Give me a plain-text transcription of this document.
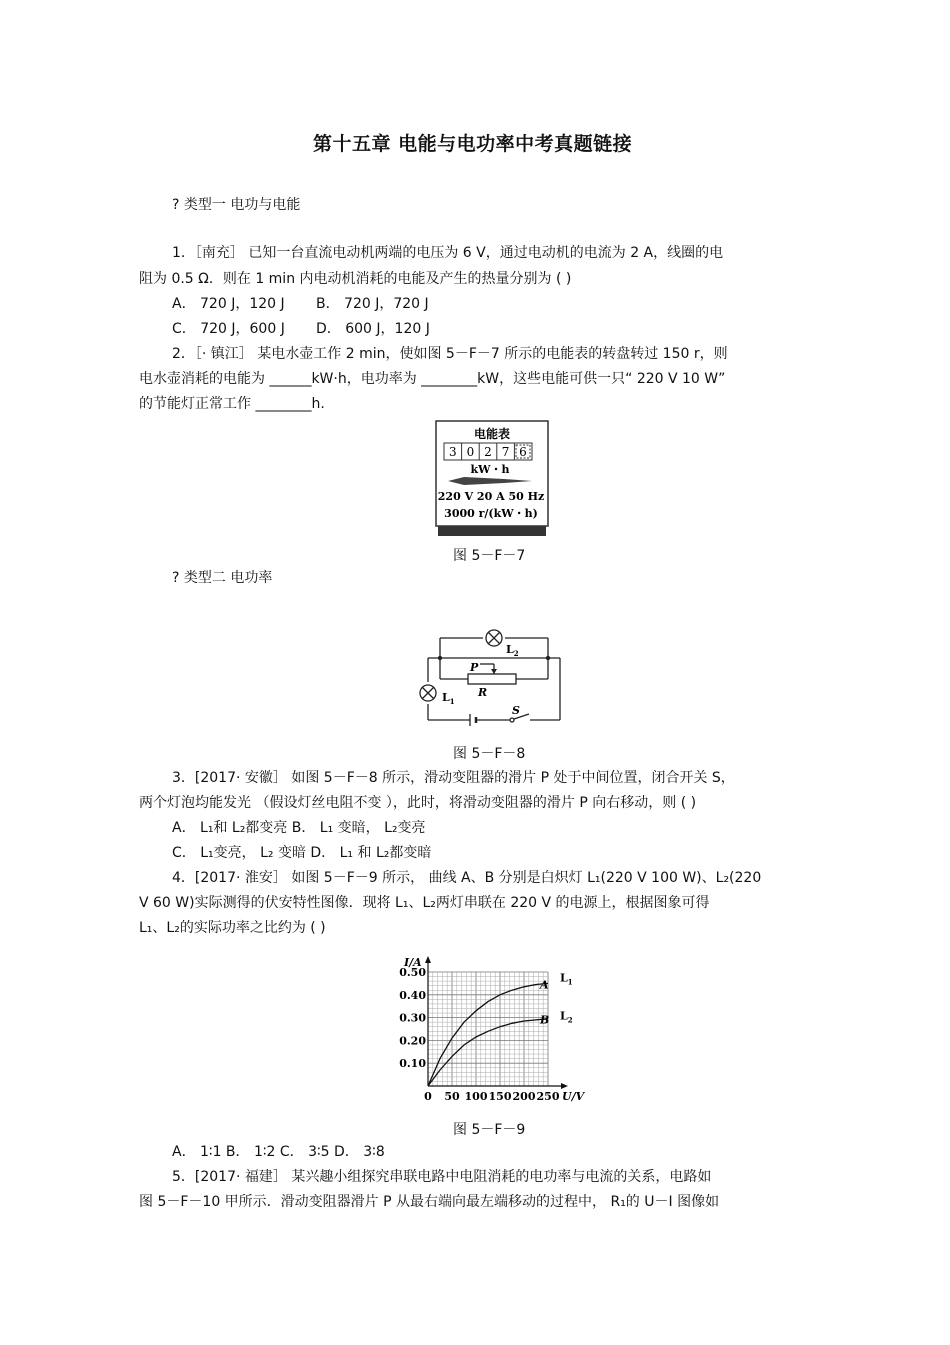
第十五章 电能与电功率中考真题链接
? 类型一 电功与电能
1．［南充］ 已知一台直流电动机两端的电压为 6 V，通过电动机的电流为 2 A，线圈的电
阻为 0.5 Ω．则在 1 min 内电动机消耗的电能及产生的热量分别为 ( )
A． 720 J，120 J B． 720 J，720 J
C． 720 J，600 J D． 600 J，120 J
2．［· 镇江］ 某电水壶工作 2 min，使如图 5－F－7 所示的电能表的转盘转过 150 r，则
电水壶消耗的电能为 ______kW·h，电功率为 ________kW，这些电能可供一只“ 220 V 10 W”
的节能灯正常工作 ________h.
电能表
3 0 2 7 6
kW・h
220 V 20 A 50 Hz
3000 r/(kW・h)
图 5－F－7
? 类型二 电功率
$L_2$
$L_1$
P
R
S
图 5－F－8
3．[2017· 安徽］ 如图 5－F－8 所示，滑动变阻器的滑片 P 处于中间位置，闭合开关 S，
两个灯泡均能发光 （假设灯丝电阻不变 ），此时，将滑动变阻器的滑片 P 向右移动，则 ( )
A． L₁和 L₂都变亮 B． L₁ 变暗， L₂变亮
C． L₁变亮， L₂ 变暗 D． L₁ 和 L₂都变暗
4．[2017· 淮安］ 如图 5－F－9 所示， 曲线 A、B 分别是白炽灯 L₁(220 V 100 W)、L₂(220
V 60 W)实际测得的伏安特性图像．现将 L₁、L₂两灯串联在 220 V 的电源上，根据图象可得
L₁、L₂的实际功率之比约为 ( )
0 50 100 150 200 250
0.10
0.20
0.30
0.40
0.50
A
$L_1$
B $L_2$
I/A
U/V
图 5－F－9
A． 1∶1 B． 1∶2 C． 3∶5 D． 3∶8
5．[2017· 福建］ 某兴趣小组探究串联电路中电阻消耗的电功率与电流的关系，电路如
图 5－F－10 甲所示．滑动变阻器滑片 P 从最右端向最左端移动的过程中， R₁的 U－I 图像如
